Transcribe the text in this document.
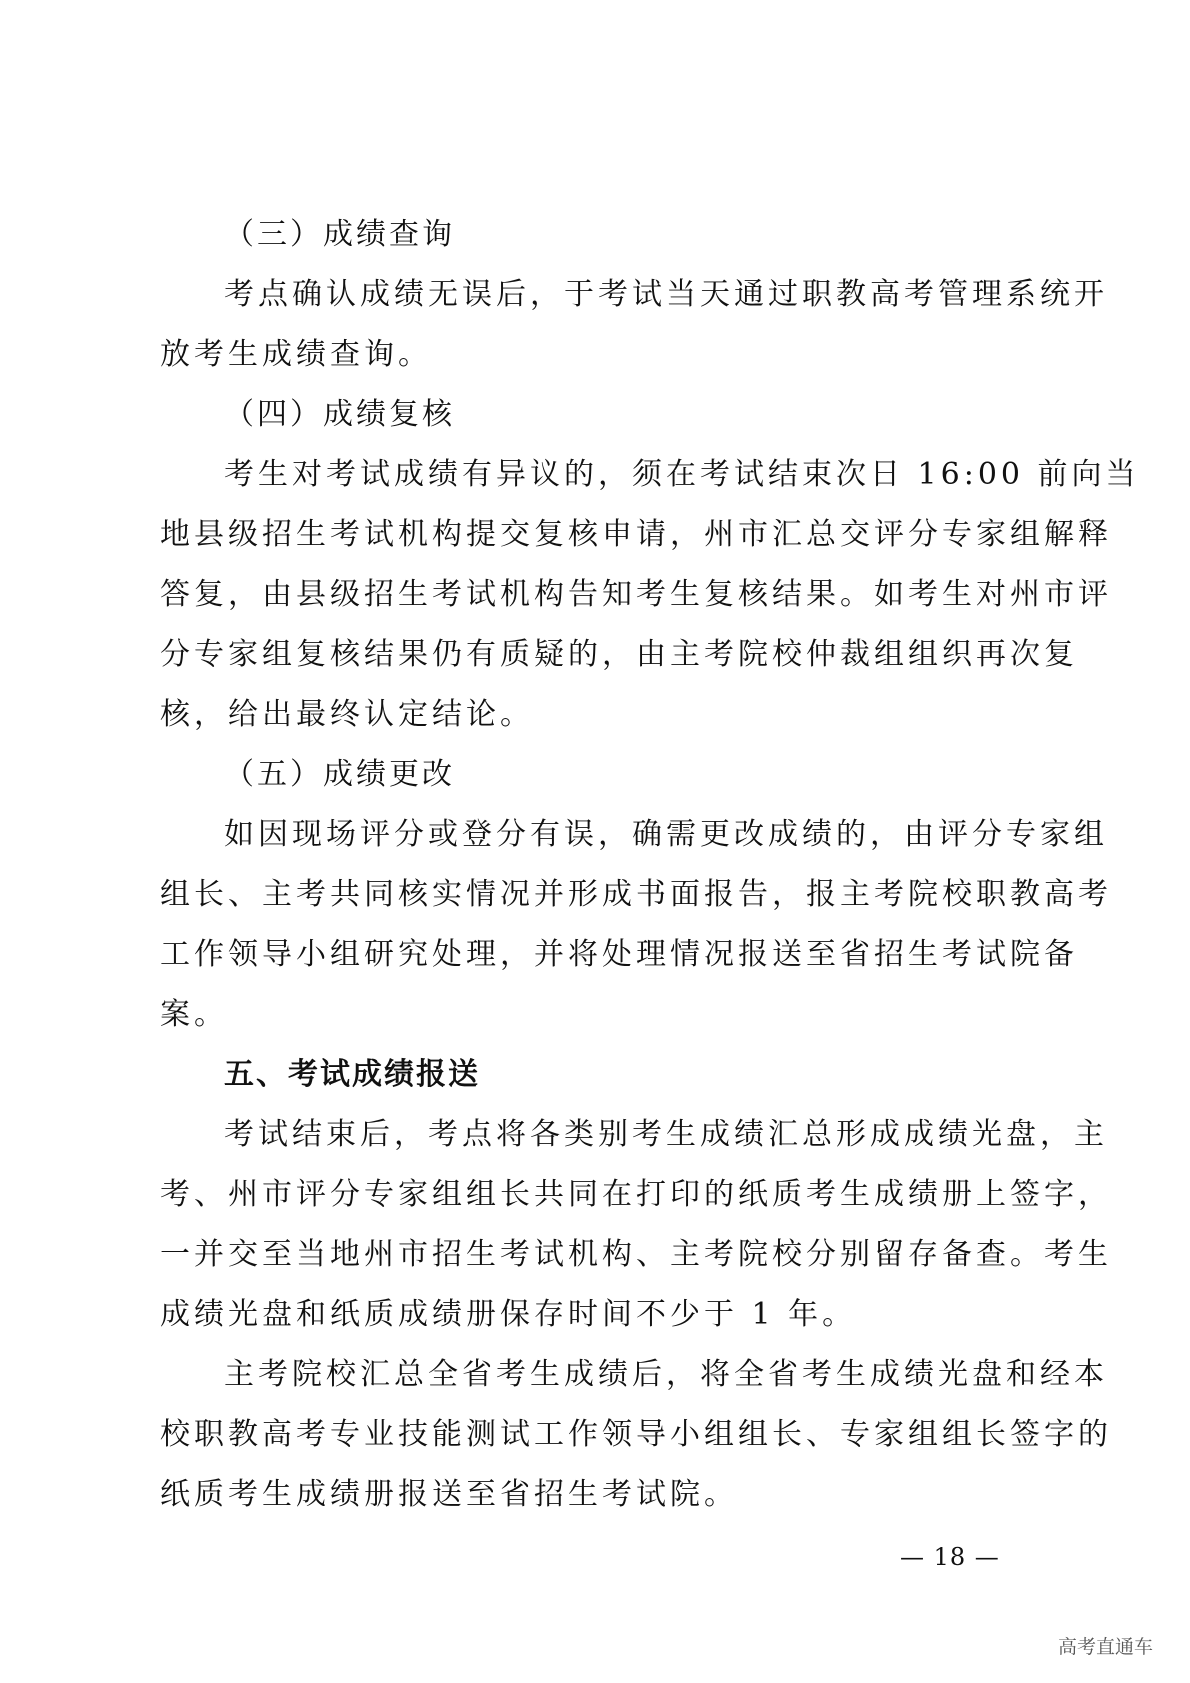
（三）成绩查询

考点确认成绩无误后，于考试当天通过职教高考管理系统开

放考生成绩查询。

（四）成绩复核

考生对考试成绩有异议的，须在考试结束次日 16:00 前向当

地县级招生考试机构提交复核申请，州市汇总交评分专家组解释

答复，由县级招生考试机构告知考生复核结果。如考生对州市评

分专家组复核结果仍有质疑的，由主考院校仲裁组组织再次复

核，给出最终认定结论。

（五）成绩更改

如因现场评分或登分有误，确需更改成绩的，由评分专家组

组长、主考共同核实情况并形成书面报告，报主考院校职教高考

工作领导小组研究处理，并将处理情况报送至省招生考试院备

案。

五、考试成绩报送

考试结束后，考点将各类别考生成绩汇总形成成绩光盘，主

考、州市评分专家组组长共同在打印的纸质考生成绩册上签字，

一并交至当地州市招生考试机构、主考院校分别留存备查。考生

成绩光盘和纸质成绩册保存时间不少于 1 年。

主考院校汇总全省考生成绩后，将全省考生成绩光盘和经本

校职教高考专业技能测试工作领导小组组长、专家组组长签字的

纸质考生成绩册报送至省招生考试院。

— 18 —
高考直通车
